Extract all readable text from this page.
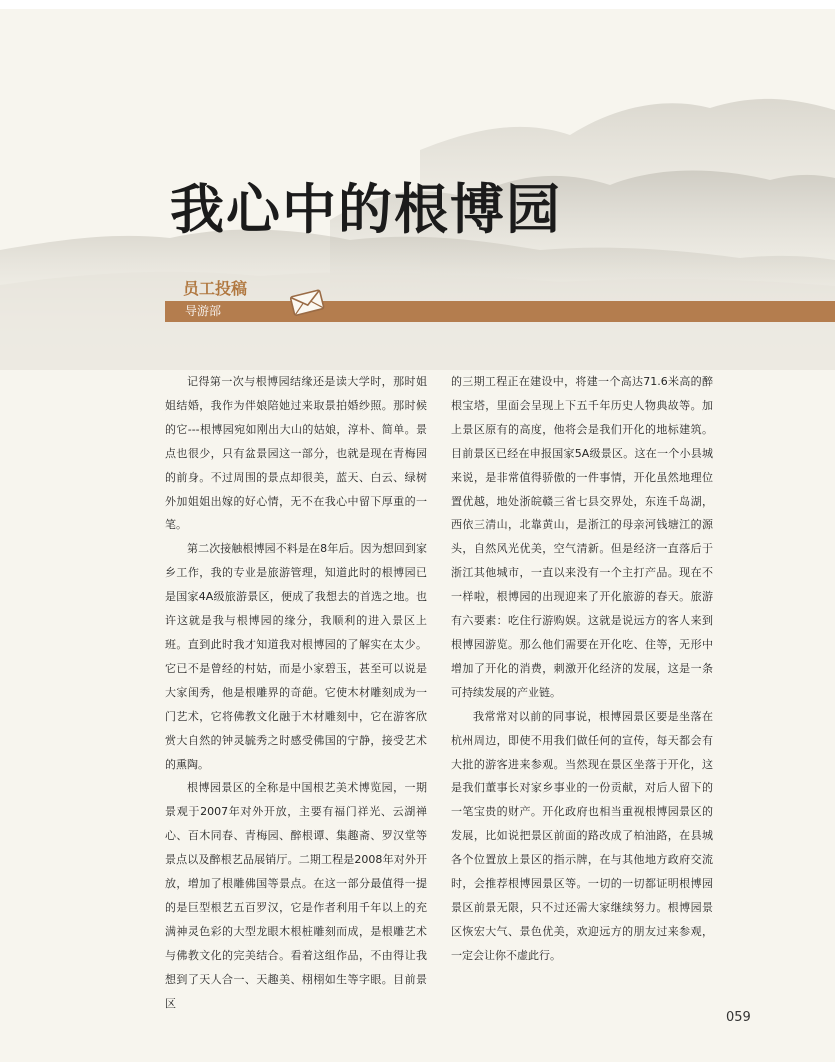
我心中的根博园
员工投稿
导游部

记得第一次与根博园结缘还是读大学时，那时姐姐结婚，我作为伴娘陪她过来取景拍婚纱照。那时候的它---根博园宛如刚出大山的姑娘，淳朴、简单。景点也很少，只有盆景园这一部分，也就是现在青梅园的前身。不过周围的景点却很美，蓝天、白云、绿树外加姐姐出嫁的好心情，无不在我心中留下厚重的一笔。

第二次接触根博园不料是在8年后。因为想回到家乡工作，我的专业是旅游管理，知道此时的根博园已是国家4A级旅游景区，便成了我想去的首选之地。也许这就是我与根博园的缘分，我顺利的进入景区上班。直到此时我才知道我对根博园的了解实在太少。它已不是曾经的村姑，而是小家碧玉，甚至可以说是大家闺秀，他是根雕界的奇葩。它使木材雕刻成为一门艺术，它将佛教文化融于木材雕刻中，它在游客欣赏大自然的钟灵毓秀之时感受佛国的宁静，接受艺术的熏陶。

根博园景区的全称是中国根艺美术博览园，一期景观于2007年对外开放，主要有福门祥光、云湖禅心、百木同春、青梅园、醉根谭、集趣斋、罗汉堂等景点以及醉根艺品展销厅。二期工程是2008年对外开放，增加了根雕佛国等景点。在这一部分最值得一提的是巨型根艺五百罗汉，它是作者利用千年以上的充满神灵色彩的大型龙眼木根桩雕刻而成，是根雕艺术与佛教文化的完美结合。看着这组作品，不由得让我想到了天人合一、天趣美、栩栩如生等字眼。目前景区

的三期工程正在建设中，将建一个高达71.6米高的醉根宝塔，里面会呈现上下五千年历史人物典故等。加上景区原有的高度，他将会是我们开化的地标建筑。目前景区已经在申报国家5A级景区。这在一个小县城来说，是非常值得骄傲的一件事情，开化虽然地理位置优越，地处浙皖赣三省七县交界处，东连千岛湖，西依三清山，北靠黄山，是浙江的母亲河钱塘江的源头，自然风光优美，空气清新。但是经济一直落后于浙江其他城市，一直以来没有一个主打产品。现在不一样啦，根博园的出现迎来了开化旅游的春天。旅游有六要素：吃住行游购娱。这就是说远方的客人来到根博园游览。那么他们需要在开化吃、住等，无形中增加了开化的消费，刺激开化经济的发展，这是一条可持续发展的产业链。

我常常对以前的同事说，根博园景区要是坐落在杭州周边，即使不用我们做任何的宣传，每天都会有大批的游客进来参观。当然现在景区坐落于开化，这是我们董事长对家乡事业的一份贡献，对后人留下的一笔宝贵的财产。开化政府也相当重视根博园景区的发展，比如说把景区前面的路改成了柏油路，在县城各个位置放上景区的指示牌，在与其他地方政府交流时，会推荐根博园景区等。一切的一切都证明根博园景区前景无限，只不过还需大家继续努力。根博园景区恢宏大气、景色优美，欢迎远方的朋友过来参观，一定会让你不虚此行。

059
